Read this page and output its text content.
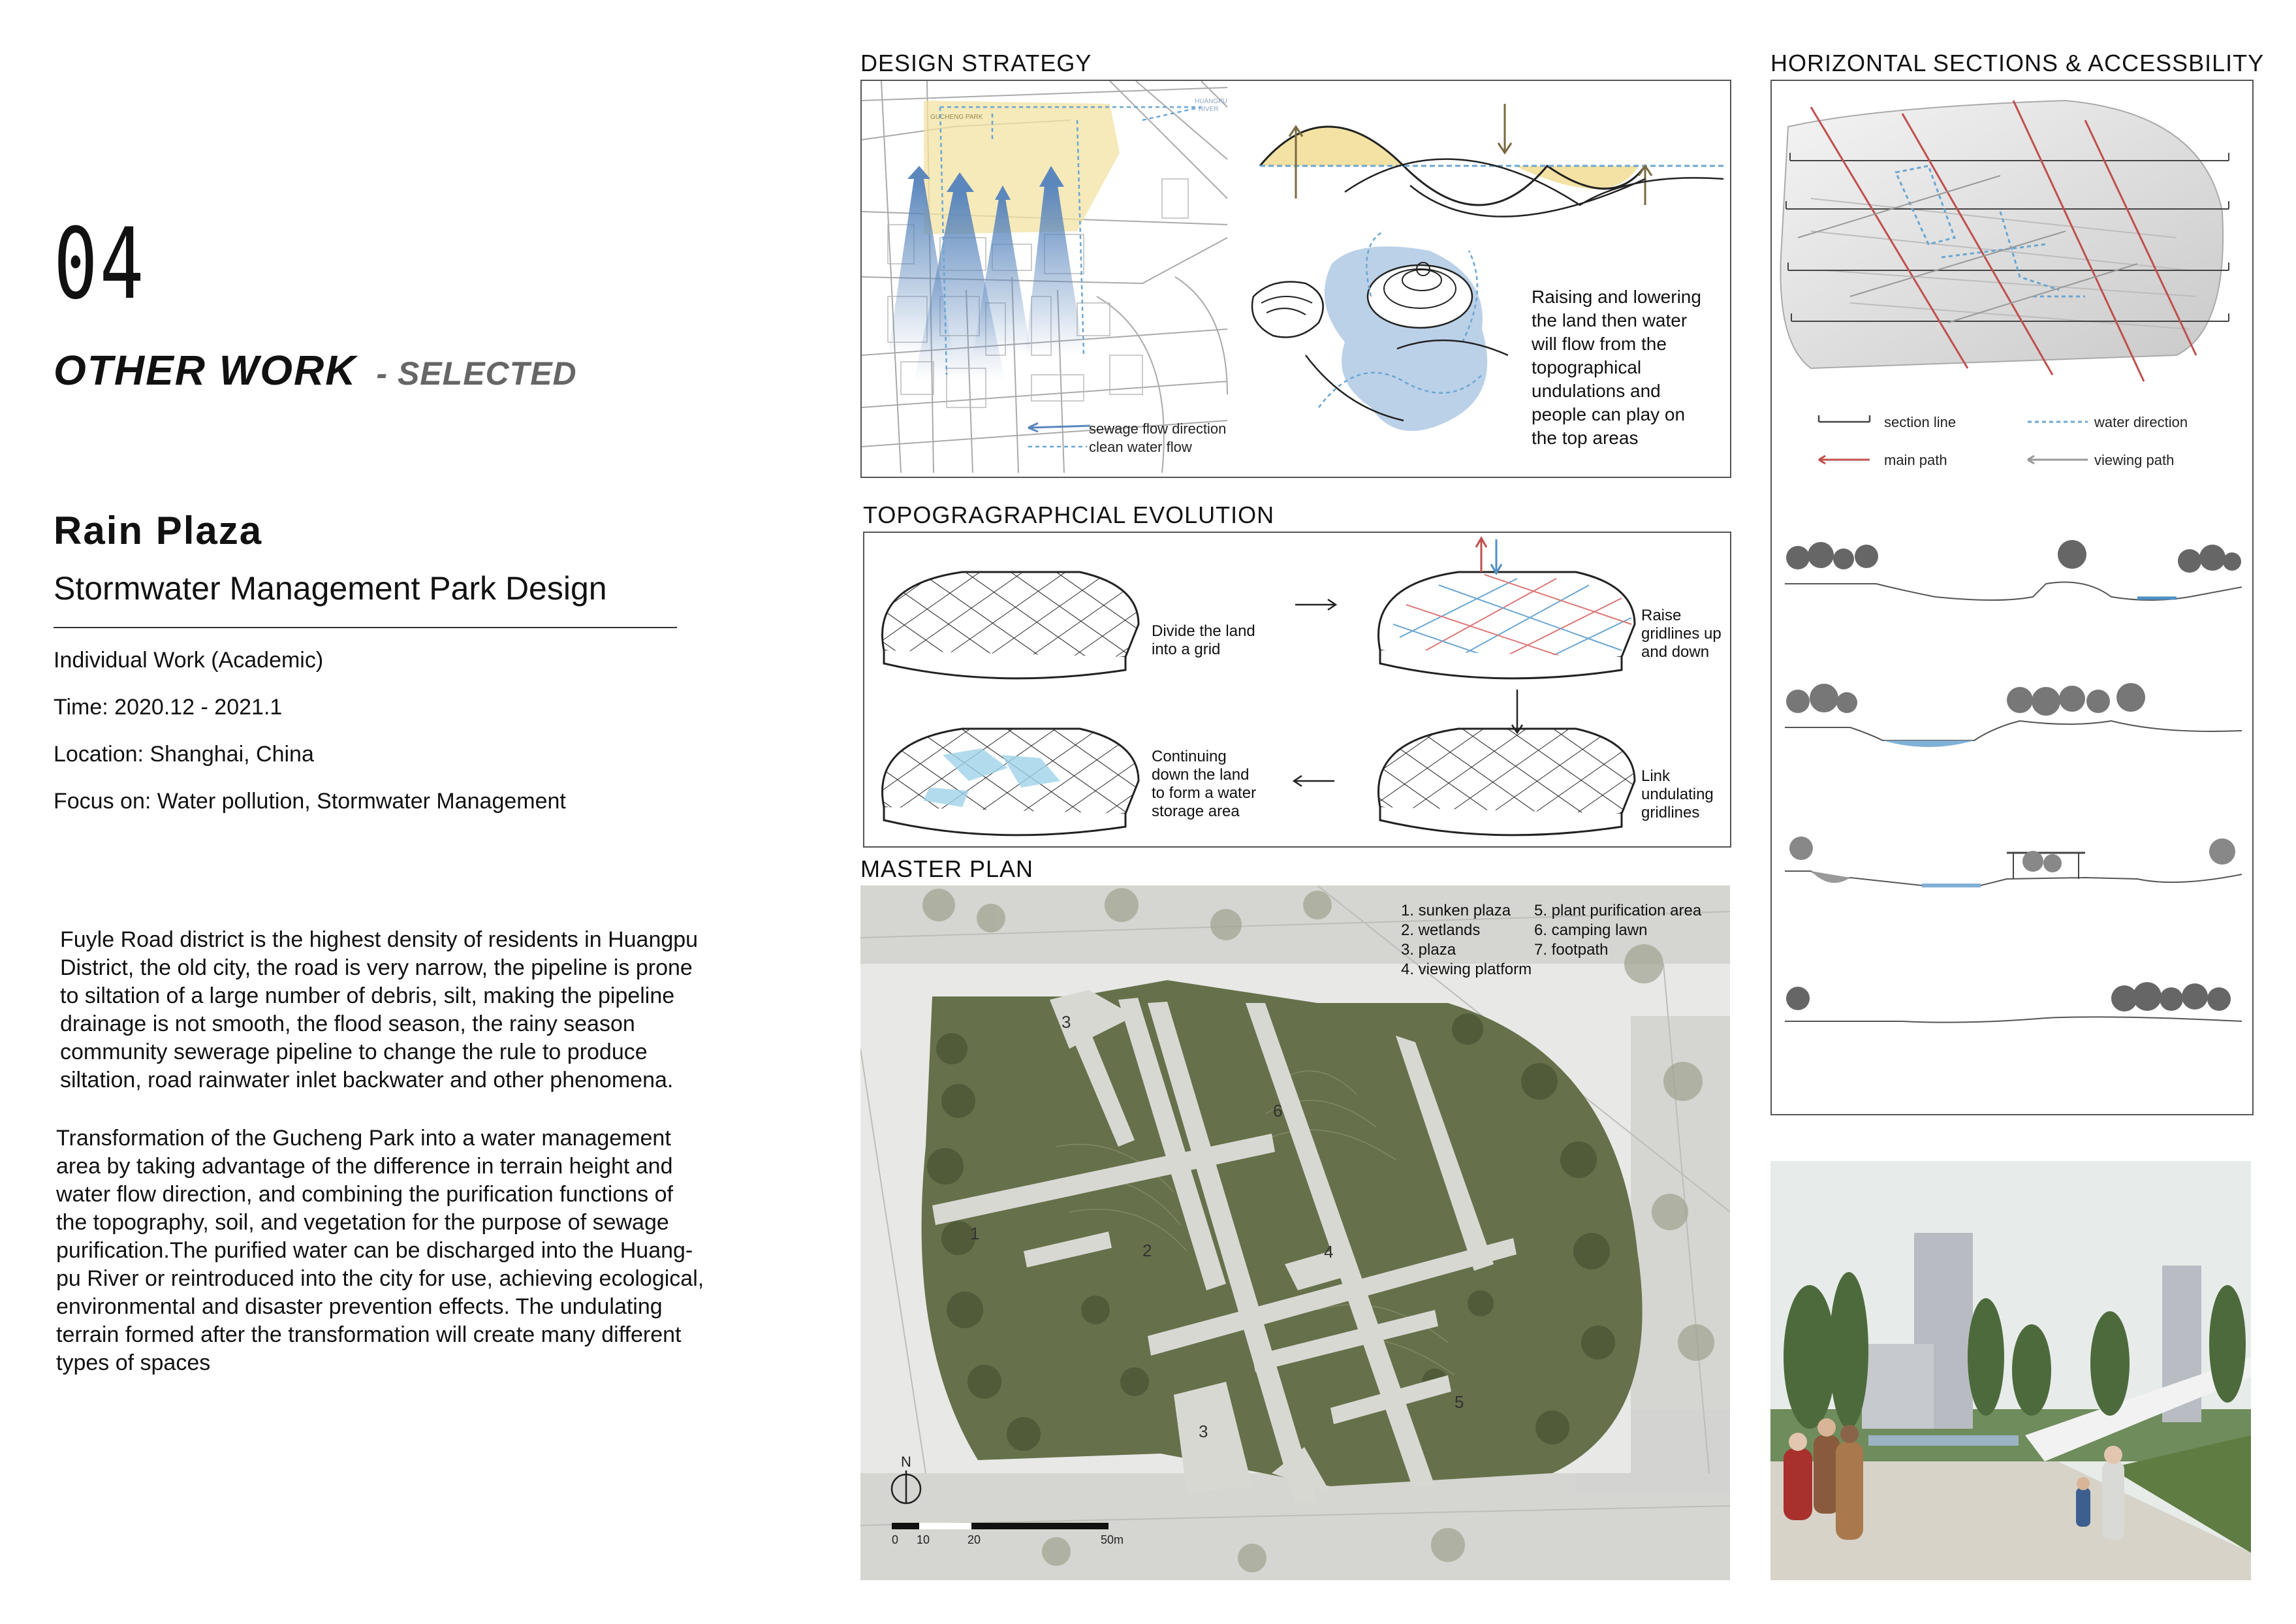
04
OTHER WORK - SELECTED
Rain Plaza
Stormwater Management Park Design
Individual Work (Academic)
Time: 2020.12 - 2021.1
Location: Shanghai, China
Focus on: Water pollution, Stormwater Management
Fuyle Road district is the highest density of residents in Huangpu
District, the old city, the road is very narrow, the pipeline is prone
to siltation of a large number of debris, silt, making the pipeline
drainage is not smooth, the flood season, the rainy season
community sewerage pipeline to change the rule to produce
siltation, road rainwater inlet backwater and other phenomena.
Transformation of the Gucheng Park into a water management
area by taking advantage of the difference in terrain height and
water flow direction, and combining the purification functions of
the topography, soil, and vegetation for the purpose of sewage
purification.The purified water can be discharged into the Huang-
pu River or reintroduced into the city for use, achieving ecological,
environmental and disaster prevention effects. The undulating
terrain formed after the transformation will create many different
types of spaces
DESIGN STRATEGY
GUCHENG PARK
HUANGPU
RIVER
sewage flow direction
clean water flow
Raising and lowering the land then water will flow from the topographical undulations and people can play on the top areas
TOPOGRAGRAPHCIAL EVOLUTION
Divide the land into a grid
Raise gridlines up and down
Link undulating gridlines
Continuing down the land to form a water storage area
MASTER PLAN
3
6
1
2	4
3
5
1. sunken plaza
2. wetlands
3. plaza
4. viewing platform
5. plant purification area
6. camping lawn
7. footpath
N
0 10	20	50m
HORIZONTAL SECTIONS & ACCESSBILITY
section line	water direction
main path	viewing path
